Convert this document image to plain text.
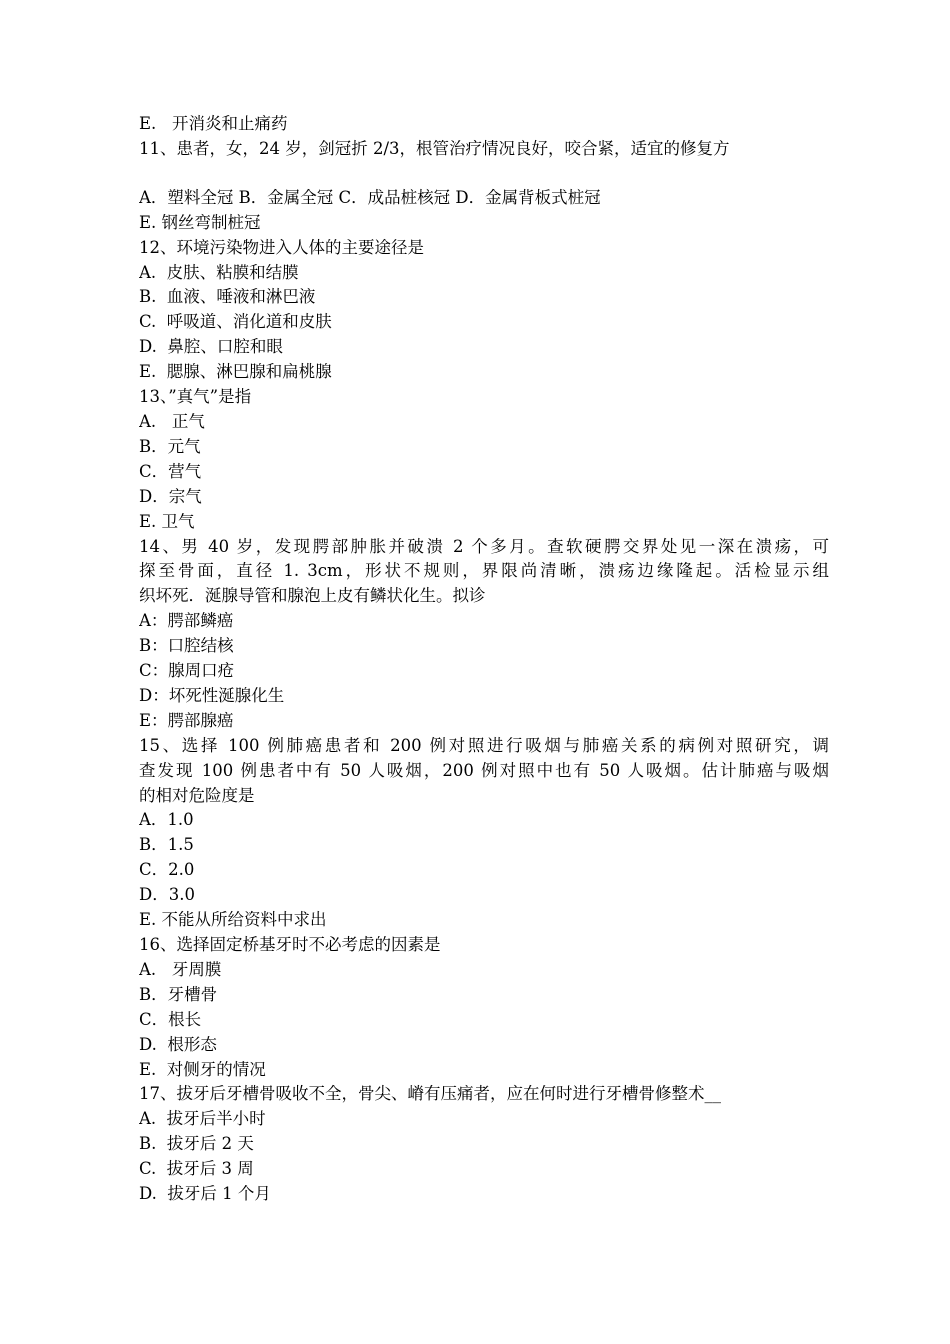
E.   开消炎和止痛药
11、患者，女，24 岁，剑冠折 2/3，根管治疗情况良好，咬合紧，适宜的修复方
A．塑料全冠 B．金属全冠 C．成品桩核冠 D．金属背板式桩冠
E. 钢丝弯制桩冠
12、环境污染物进入人体的主要途径是
A.  皮肤、粘膜和结膜
B.  血液、唾液和淋巴液
C.  呼吸道、消化道和皮肤
D.  鼻腔、口腔和眼
E.  腮腺、淋巴腺和扁桃腺
13、”真气”是指
A.   正气
B．元气
C．营气
D．宗气
E. 卫气
14、男 40 岁，发现腭部肿胀并破溃 2 个多月。查软硬腭交界处见一深在溃疡，可
探至骨面，直径 1. 3cm，形状不规则，界限尚清晰，溃疡边缘隆起。活检显示组
织坏死．涎腺导管和腺泡上皮有鳞状化生。拟诊
A：腭部鳞癌
B：口腔结核
C：腺周口疮
D：坏死性涎腺化生
E：腭部腺癌
15、选择 100 例肺癌患者和 200 例对照进行吸烟与肺癌关系的病例对照研究，调
查发现 100 例患者中有 50 人吸烟，200 例对照中也有 50 人吸烟。估计肺癌与吸烟
的相对危险度是
A．1.0
B．1.5
C．2.0
D．3.0
E. 不能从所给资料中求出
16、选择固定桥基牙时不必考虑的因素是
A.   牙周膜
B．牙槽骨
C．根长
D.  根形态
E.  对侧牙的情况
17、拔牙后牙槽骨吸收不全，骨尖、嵴有压痛者，应在何时进行牙槽骨修整术__
A.  拔牙后半小时
B.  拔牙后 2 天
C.  拔牙后 3 周
D.  拔牙后 1 个月
